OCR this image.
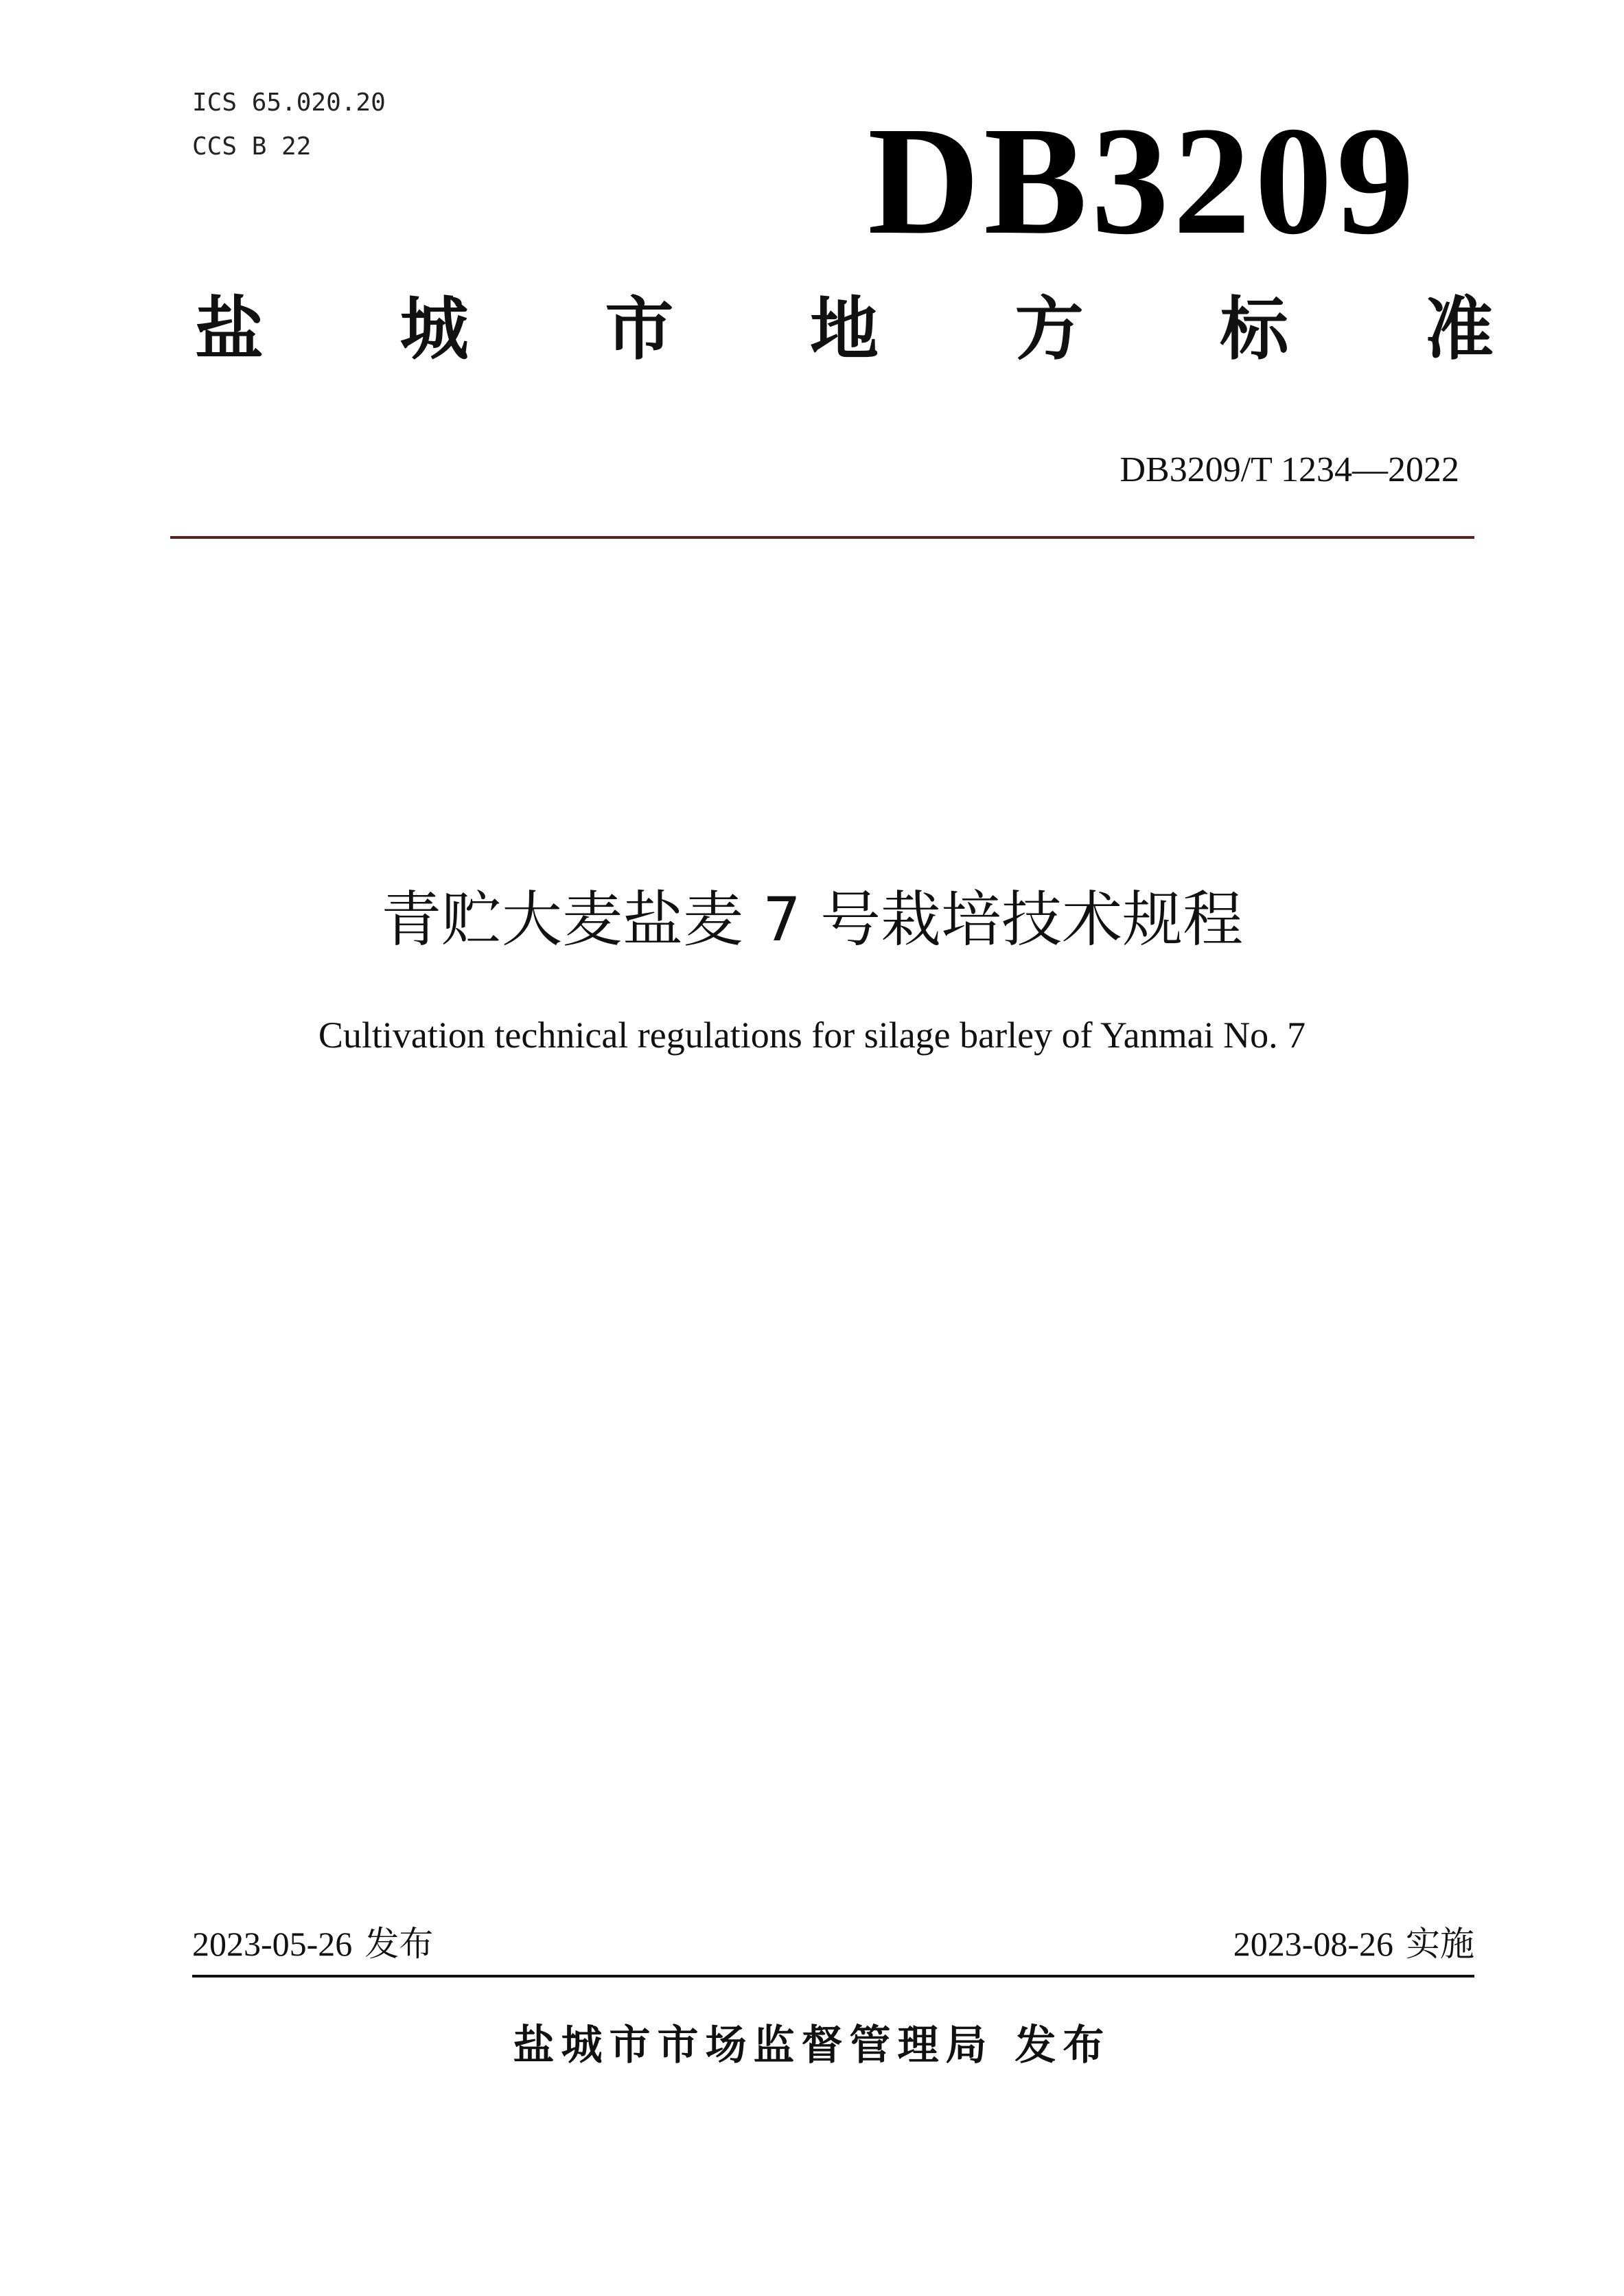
ICS 65.020.20
CCS B 22	DB3209
盐 城 市 地 方 标 准
DB3209/T 1234—2022
青贮大麦盐麦 7 号栽培技术规程
Cultivation technical regulations for silage barley of Yanmai No. 7
2023-05-26 发布	2023-08-26 实施
盐城市市场监督管理局 发布
